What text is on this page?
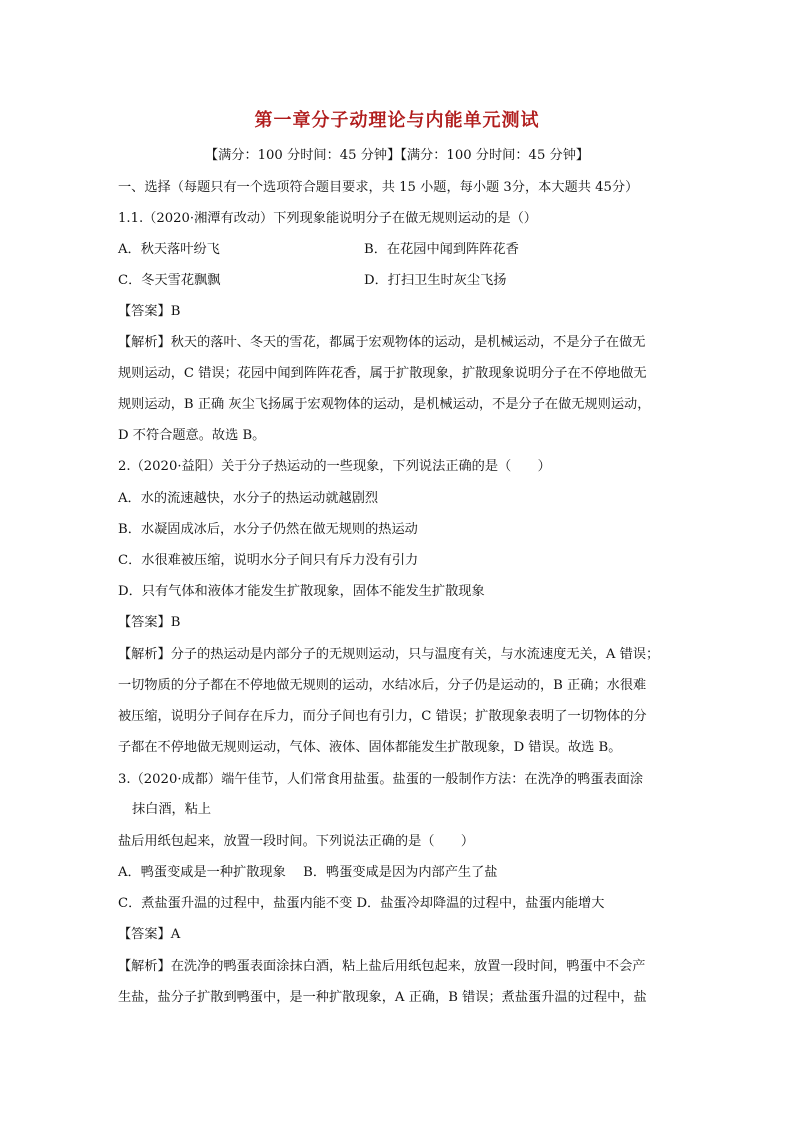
第一章分子动理论与内能单元测试
【满分：100 分时间：45 分钟】【满分：100 分时间：45 分钟】
一、选择（每题只有一个选项符合题目要求，共 15 小题，每小题 3分，本大题共 45分）
1.1.（2020·湘潭有改动）下列现象能说明分子在做无规则运动的是（）
A．秋天落叶纷飞	B．在花园中闻到阵阵花香
C．冬天雪花飘飘	D．打扫卫生时灰尘飞扬
【答案】B
【解析】秋天的落叶、冬天的雪花，都属于宏观物体的运动，是机械运动，不是分子在做无
规则运动，C 错误；花园中闻到阵阵花香，属于扩散现象，扩散现象说明分子在不停地做无
规则运动，B 正确 灰尘飞扬属于宏观物体的运动，是机械运动，不是分子在做无规则运动，
D 不符合题意。故选 B。
2.（2020·益阳）关于分子热运动的一些现象，下列说法正确的是（　　）
A．水的流速越快，水分子的热运动就越剧烈
B．水凝固成冰后，水分子仍然在做无规则的热运动
C．水很难被压缩，说明水分子间只有斥力没有引力
D．只有气体和液体才能发生扩散现象，固体不能发生扩散现象
【答案】B
【解析】分子的热运动是内部分子的无规则运动，只与温度有关，与水流速度无关，A 错误；
一切物质的分子都在不停地做无规则的运动，水结冰后，分子仍是运动的，B 正确；水很难
被压缩，说明分子间存在斥力，而分子间也有引力，C 错误；扩散现象表明了一切物体的分
子都在不停地做无规则运动，气体、液体、固体都能发生扩散现象，D 错误。故选 B。
3.（2020·成都）端午佳节，人们常食用盐蛋。盐蛋的一般制作方法：在洗净的鸭蛋表面涂
抹白酒，粘上
盐后用纸包起来，放置一段时间。下列说法正确的是（　　）
A．鸭蛋变咸是一种扩散现象　 B．鸭蛋变咸是因为内部产生了盐
C．煮盐蛋升温的过程中，盐蛋内能不变 D．盐蛋冷却降温的过程中，盐蛋内能增大
【答案】A
【解析】在洗净的鸭蛋表面涂抹白酒，粘上盐后用纸包起来，放置一段时间，鸭蛋中不会产
生盐，盐分子扩散到鸭蛋中，是一种扩散现象，A 正确，B 错误；煮盐蛋升温的过程中，盐
